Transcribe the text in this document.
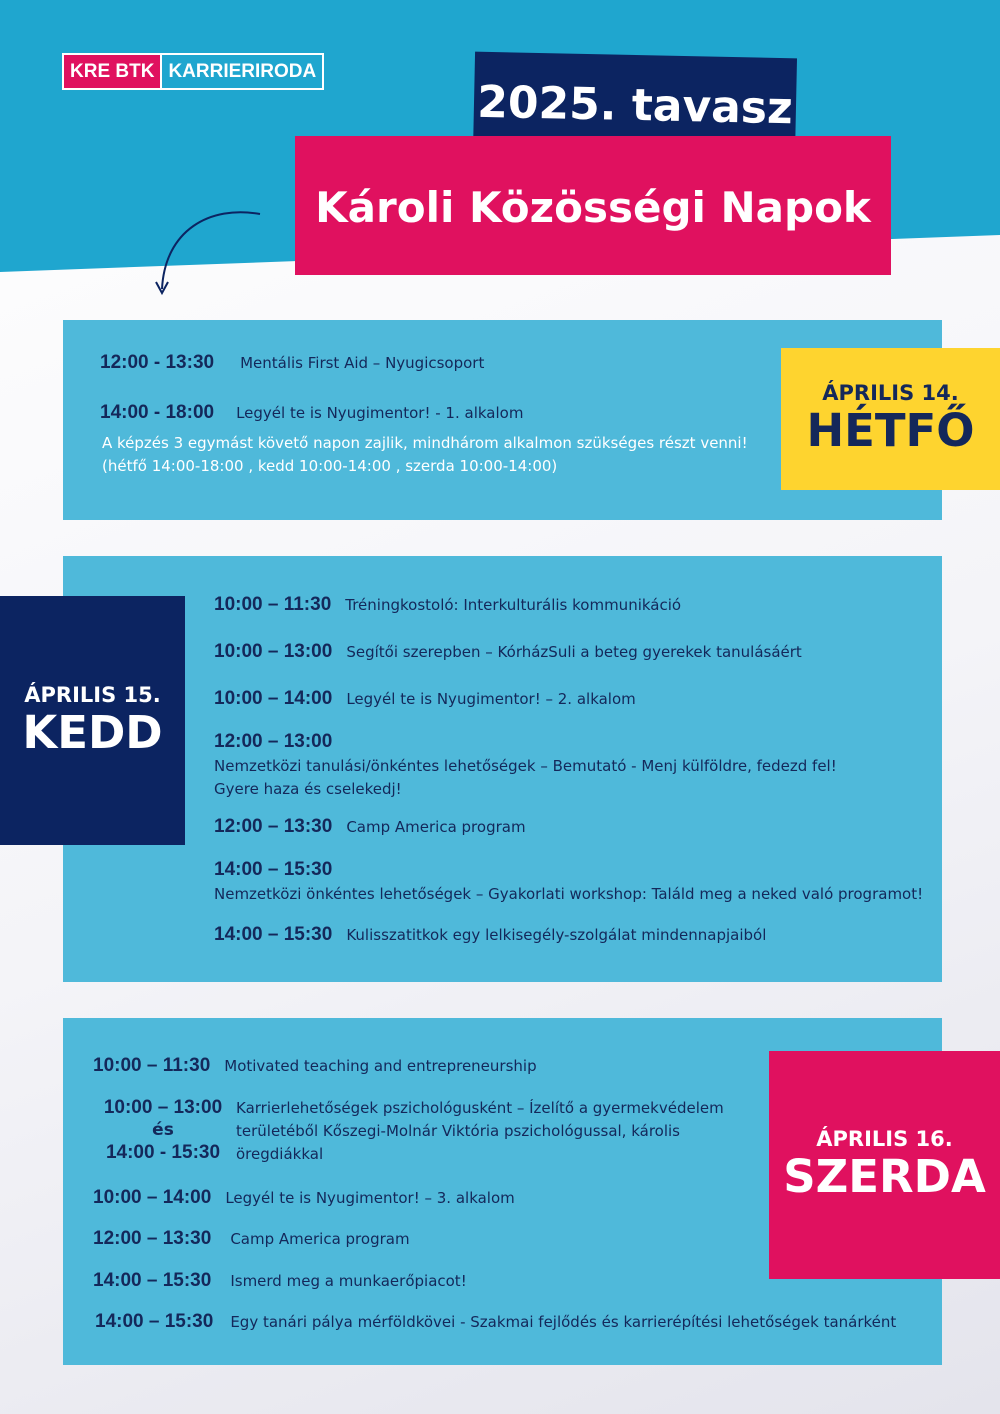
KRE BTK KARRIERIRODA
2025. tavasz
Károli Közösségi Napok
12:00 - 13:30 Mentális First Aid – Nyugicsoport
14:00 - 18:00 Legyél te is Nyugimentor! - 1. alkalom
A képzés 3 egymást követő napon zajlik, mindhárom alkalmon szükséges részt venni!
(hétfő 14:00-18:00 , kedd 10:00-14:00 , szerda 10:00-14:00)
ÁPRILIS 14.
HÉTFŐ
10:00 – 11:30 Tréningkostoló: Interkulturális kommunikáció
10:00 – 13:00 Segítői szerepben – KórházSuli a beteg gyerekek tanulásáért
10:00 – 14:00 Legyél te is Nyugimentor! – 2. alkalom
12:00 – 13:00
Nemzetközi tanulási/önkéntes lehetőségek – Bemutató - Menj külföldre, fedezd fel!
Gyere haza és cselekedj!
12:00 – 13:30 Camp America program
14:00 – 15:30
Nemzetközi önkéntes lehetőségek – Gyakorlati workshop: Találd meg a neked való programot!
14:00 – 15:30 Kulisszatitkok egy lelkisegély-szolgálat mindennapjaiból
ÁPRILIS 15.
KEDD
10:00 – 11:30 Motivated teaching and entrepreneurship
10:00 – 13:00
és
14:00 - 15:30
Karrierlehetőségek pszichológusként – Ízelítő a gyermekvédelem
területéből Kőszegi-Molnár Viktória pszichológussal, károlis
öregdiákkal
10:00 – 14:00 Legyél te is Nyugimentor! – 3. alkalom
12:00 – 13:30 Camp America program
14:00 – 15:30 Ismerd meg a munkaerőpiacot!
14:00 – 15:30 Egy tanári pálya mérföldkövei - Szakmai fejlődés és karrierépítési lehetőségek tanárként
ÁPRILIS 16.
SZERDA
